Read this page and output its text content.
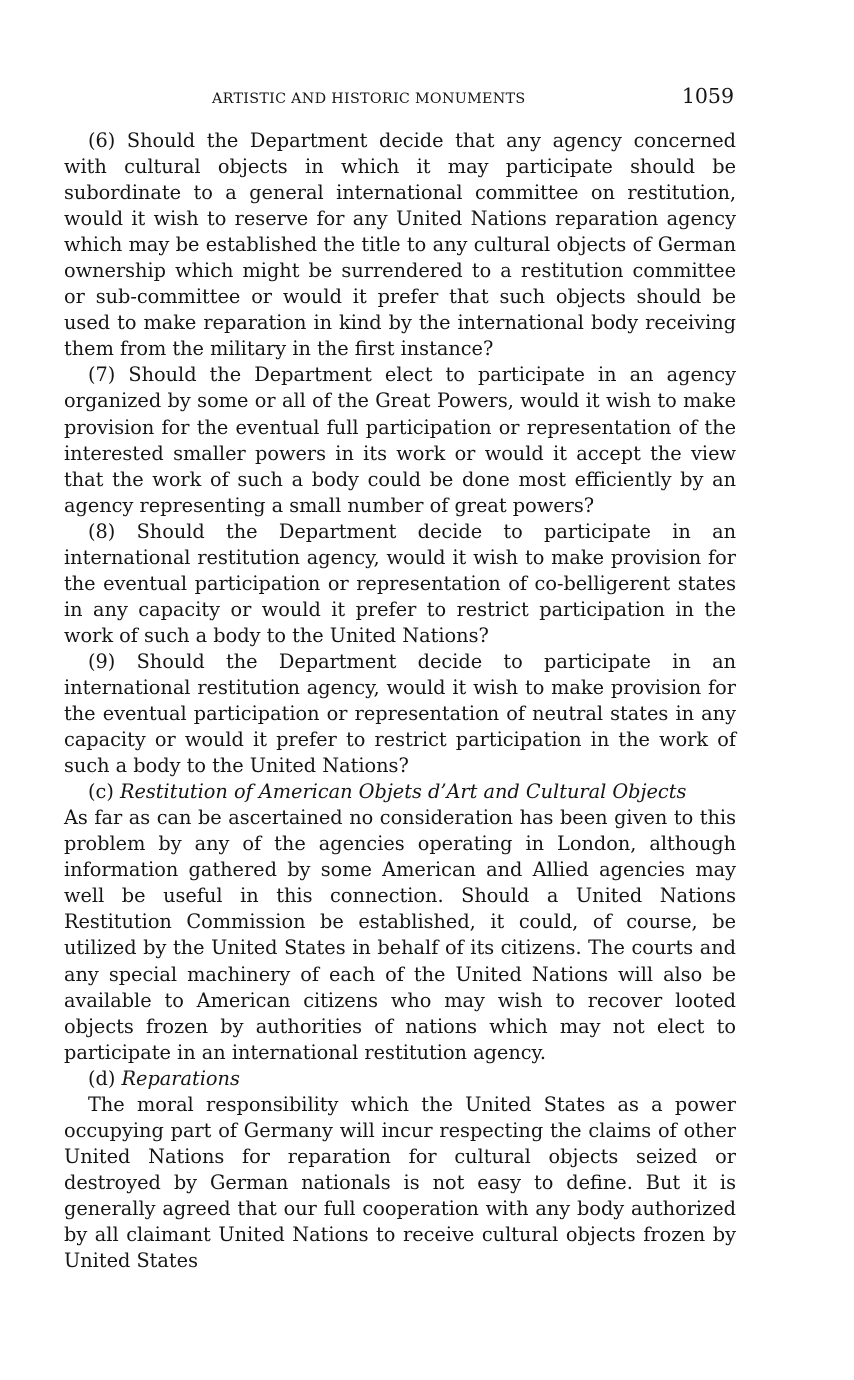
ARTISTIC AND HISTORIC MONUMENTS	1059

(6) Should the Department decide that any agency concerned with cultural objects in which it may participate should be subordinate to a general international committee on restitution, would it wish to reserve for any United Nations reparation agency which may be established the title to any cultural objects of German ownership which might be surrendered to a restitution committee or sub-committee or would it prefer that such objects should be used to make reparation in kind by the international body receiving them from the military in the first instance?

(7) Should the Department elect to participate in an agency organized by some or all of the Great Powers, would it wish to make provision for the eventual full participation or representation of the interested smaller powers in its work or would it accept the view that the work of such a body could be done most efficiently by an agency representing a small number of great powers?

(8) Should the Department decide to participate in an international restitution agency, would it wish to make provision for the eventual participation or representation of co-belligerent states in any capacity or would it prefer to restrict participation in the work of such a body to the United Nations?

(9) Should the Department decide to participate in an international restitution agency, would it wish to make provision for the eventual participation or representation of neutral states in any capacity or would it prefer to restrict participation in the work of such a body to the United Nations?

(c) Restitution of American Objets d’Art and Cultural Objects

As far as can be ascertained no consideration has been given to this problem by any of the agencies operating in London, although information gathered by some American and Allied agencies may well be useful in this connection. Should a United Nations Restitution Commission be established, it could, of course, be utilized by the United States in behalf of its citizens. The courts and any special machinery of each of the United Nations will also be available to American citizens who may wish to recover looted objects frozen by authorities of nations which may not elect to participate in an international restitution agency.

(d) Reparations

The moral responsibility which the United States as a power occupying part of Germany will incur respecting the claims of other United Nations for reparation for cultural objects seized or destroyed by German nationals is not easy to define. But it is generally agreed that our full cooperation with any body authorized by all claimant United Nations to receive cultural objects frozen by United States
